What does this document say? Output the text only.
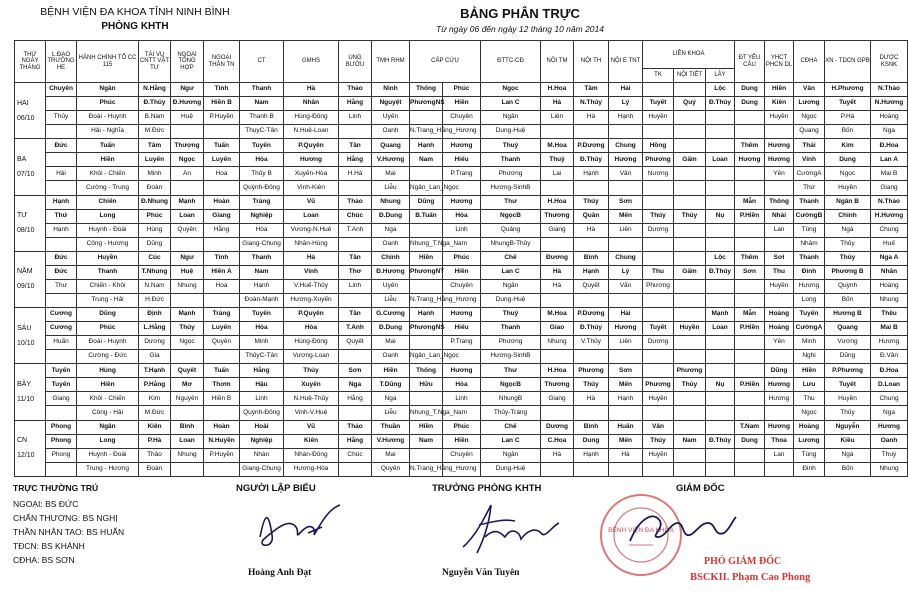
BỆNH VIỆN ĐA KHOA TỈNH NINH BÌNH
PHÒNG KHTH
BẢNG PHÂN TRỰC
Từ ngày 06 đến ngày 12 tháng 10 năm 2014
THỨ NGÀY THÁNG	L.ĐẠO TRƯỜNG HE	HÀNH CHÍNH TỔ CC 115	TÀI VỤ CNTT VẬT TƯ	NGOẠI TỔNG HỢP	NGOẠI THẦN TN	CT	GMHS	UNG BƯỚU	TMH RHM	CẤP CỨU		ĐTTC-CĐ	NỘI TM	NỘI TH	NỘI E TNT	LIÊN KHOA			ĐT YÊU CẦU	YHCT PHCN DL	CĐHA	XN - TDCN GPB	DƯỢC KSNK
																TK	NỘI TIẾT	LÂY					

HAI
06/10	Chuyên	Ngân	N.Hằng	Ngư	Tình	Thanh	Hà	Thảo	Ninh	Thống	Phúc	Ngọc	H.Hoa	Tâm	Hải			Lộc	Dung	Hiền	Vân	H.Phương	N.Thảo
		Phúc	Đ.Thủy	Đ.Hương	Hiền B	Nam	Nhân	Hằng	Nguyệt	PhươngNS	Hiền	Lan C	Hà	N.Thủy	Lý	Tuyết	Quý	Đ.Thủy	Dung	Kiên	Lương	Tuyết	N.Hương
	Thủy	Đoài - Huynh	B.Nam	Huệ	P.Huyền	Thanh B	Hùng-Đông	Linh	Uyên		Chuyên	Ngân	Liên	Hà	Hạnh	Huyền				Huyền	Ngọc	P.Hà	Hoàng
		Hải - Nghĩa	M.Đức			ThụyC-Tân	N.Huệ-Loan		Oanh	N.Trang_Hằng_Hương		Dung-Huệ									Quang	Bốn	Nga

BA
07/10	Đức	Tuấn	Tâm	Thượng	Tuấn	Tuyến	P.Quyên	Tân	Quang	Hạnh	Hương	Thuỷ	M.Hoa	P.Dương	Chung	Hồng			Thêm	Hương	Thái	Kim	Đ.Hoa
		Hiền	Luyến	Ngọc	Luyến	Hòa	Hương	Hằng	V.Hương	Nam	Hiếu	Thanh	Thuỷ	Đ.Thủy	Hương	Phương	Gấm	Loan	Hương	Hương	Vinh	Dung	Lan A
	Hải	Khôi - Chiến	Minh	An	Hoa	Thủy B	Xuyến-Hòa	H.Hà	Mai		P.Trang	Phương	Lai	Hạnh	Vân	Nương				Yên	CườngA	Ngọc	Mai B
		Cường - Trung	Đoàn			Quỳnh-Đông	Vinh-Kiên		Liễu	Ngân_Lan_Ngọc		Hương-SinhB									Thơ	Huyền	Giang

TƯ
08/10	Hạnh	Chiến	Đ.Nhung	Mạnh	Hoàn	Tráng	Vũ	Thảo	Nhung	Dũng	Hương	Thư	H.Hoa	Thủy	Sơn				Mẫn	Thông	Thanh	Ngân B	N.Thảo
	Thứ	Long	Phúc	Loan	Giang	Nghiệp	Loan	Chúc	Đ.Dung	B.Tuấn	Hòa	NgọcB	Thương	Quân	Mến	Thúy	Thủy	Nụ	P.Hiền	Nhài	CườngB	Chinh	H.Hương
	Hạnh	Huynh - Đoài	Hùng	Quyên	Hằng	Hòa	Vương-N.Huê	T.Anh	Nga		Linh	Quảng	Giang	Hà	Liên	Dương				Lan	Tùng	Ngà	Chung
		Công - Hương	Dũng			Giang-Chung	Nhân-Hùng		Oanh	Nhung_T.Nga_Nam		NhungB-Thủy									Nhâm	Thủy	Huế

NĂM
09/10	Đức	Huyền	Cúc	Ngư	Tình	Thanh	Hà	Tân	Chinh	Hiền	Phúc	Chế	Đương	Bình	Chung			Lộc	Thêm	Sơi	Thanh	Thủy	Nga A
	Đức	Thanh	T.Nhung	Huệ	Hiền A	Nam	Vinh	Thơ	Đ.Hương	PhươngNT	Hiền	Lan C	Hà	Hạnh	Lý	Thu	Gấm	Đ.Thủy	Sơn	Thu	Đinh	Phương B	Nhân
	Thư	Chiến - Khôi	N.Nam	Nhung	Hoa	Hạnh	V.Huế-Thủy	Linh	Uyên		Chuyên	Ngân	Hà	Quyết	Văn	Phương				Huyền	Hương	Quỳnh	Hoàng
		Trung - Hải	H.Đức			Đoàn-Mạnh	Hương-Xuyến		Liễu	N.Trang_Hằng_Hương		Dung-Huệ									Long	Bốn	Nhung

SÁU
10/10	Cương	Dũng	Định	Mạnh	Tráng	Tuyến	P.Quyên	Tân	G.Cương	Hạnh	Hương	Thuỷ	M.Hoa	P.Dương	Hải			Mạnh	Mẫn	Hoàng	Tuyến	Hương B	Thêu
	Cương	Phúc	L.Hằng	Thủy	Luyến	Hòa	Hòa	T.Anh	Đ.Dung	PhươngNS	Hiếu	Thanh	Giao	Đ.Thủy	Hương	Tuyết	Huyền	Loan	P.Hiền	Hoàng	CườngA	Quang	Mai B
	Huấn	Đoài - Huynh	Dương	Ngọc	Quyên	Minh	Hùng-Đông	Quyết	Mai		P.Trang	Phương	Nhung	V.Thủy	Liên	Dương				Yên	Minh	Vương	Hương
		Cường - Đức	Gia			ThủyC-Tân	Vương-Loan		Oanh	Ngân_Lan_Ngọc		Hương-SinhB									Nghi	Dũng	Đ.Vân

BẢY
11/10	Tuyến	Hùng	T.Hạnh	Quyết	Tuấn	Hằng	Thủy	Sơn	Hiền	Thống	Hương	Thư	H.Hoa	Phương	Sơn		Phương			Dũng	Hiền	P.Phương	Đ.Hoa
	Tuyến	Hiền	P.Hằng	Mơ	Thơm	Hậu	Xuyến	Nga	T.Dũng	Hữu	Hòa	NgọcB	Thương	Thủy	Mến	Phương	Thủy	Nụ	P.Hiền	Hương	Lưu	Tuyết	D.Loan
	Giang	Khôi - Chiến	Kim	Nguyên	Hiền B	Linh	N.Huệ-Thủy	Hằng	Nga		Linh	NhungB	Giang	Hà	Hạnh	Huyền				Hương	Thu	Huyền	Chung
		Công - Hải	M.Đức			Quỳnh-Đông	Vinh-V.Huệ		Liễu	Nhung_T.Nga_Nam		Thủy-Tráng									Ngọc	Thủy	Nga

CN
12/10	Phong	Ngân	Kiên	Bình	Hoàn	Hoài	Vũ	Thảo	Thuần	Hiền	Phúc	Chế	Dương	Bình	Huấn	Vân			T.Nam	Hương	Hoàng	Nguyễn	Hương
	Phong	Long	P.Hà	Loan	N.Huyền	Nghiệp	Kiên	Hằng	V.Hương	Nam	Hiền	Lan C	C.Hoa	Dung	Mến	Thủy	Nam	Đ.Thủy	Dung	Thoa	Lương	Kiều	Oanh
	Phong	Huynh - Đoài	Thảo	Nhung	P.Huyền	Nhàn	Nhàn-Đông	Chúc	Mai		Chuyên	Ngân	Hà	Hạnh	Hà	Huyền				Lan	Tùng	Ngà	Thuý
		Trung - Hương	Đoàn			Giang-Chung	Hương-Hòa		Quyên	N.Trang_Hằng_Hương		Dung-Huệ									Đinh	Bốn	Nhung
TRỰC THƯỜNG TRÚ
NGOẠI: BS ĐỨC
CHẤN THƯƠNG: BS NGHỊ
THẦN NHÂN TAO: BS HUẤN
TĐCN: BS KHÁNH
CĐHA: BS SƠN
NGƯỜI LẬP BIỂU
Hoàng Anh Đạt
TRƯỞNG PHÒNG KHTH
Nguyễn Văn Tuyên
GIÁM ĐỐC
BỆNH VIỆN ĐA KHOA
PHÓ GIÁM ĐỐC
BSCKII. Phạm Cao Phong
